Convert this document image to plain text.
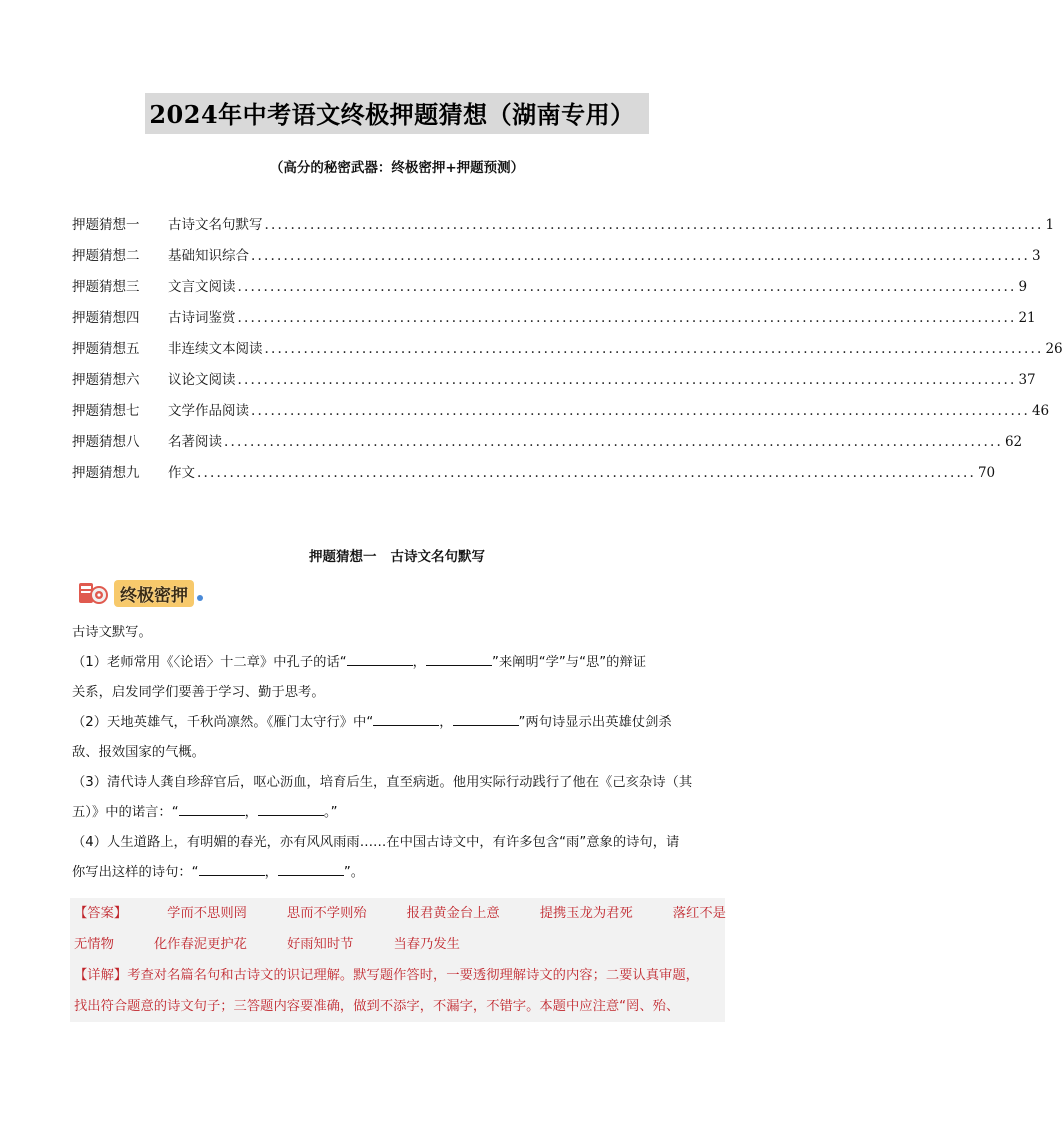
2024年中考语文终极押题猜想（湖南专用）
（高分的秘密武器：终极密押+押题预测）
押题猜想一	古诗文名句默写 ........................................................................................................................ 1
押题猜想二	基础知识综合 ........................................................................................................................ 3
押题猜想三	文言文阅读 ........................................................................................................................ 9
押题猜想四	古诗词鉴赏 ........................................................................................................................ 21
押题猜想五	非连续文本阅读 ........................................................................................................................ 26
押题猜想六	议论文阅读 ........................................................................................................................ 37
押题猜想七	文学作品阅读 ........................................................................................................................ 46
押题猜想八	名著阅读 ........................................................................................................................ 62
押题猜想九	作文 ........................................................................................................................ 70
押题猜想一 古诗文名句默写
终极密押
古诗文默写。
（1）老师常用《〈论语〉十二章》中孔子的话“	，	”来阐明“学”与“思”的辩证
关系，启发同学们要善于学习、勤于思考。
（2）天地英雄气，千秋尚凛然。《雁门太守行》中“	，	”两句诗显示出英雄仗剑杀
敌、报效国家的气概。
（3）清代诗人龚自珍辞官后，呕心沥血，培育后生，直至病逝。他用实际行动践行了他在《己亥杂诗（其
五）》中的诺言：“	，	。”
（4）人生道路上，有明媚的春光，亦有风风雨雨……在中国古诗文中，有许多包含“雨”意象的诗句，请
你写出这样的诗句：“	，	”。
【答案】	学而不思则罔	思而不学则殆	报君黄金台上意	提携玉龙为君死	落红不是
无情物	化作春泥更护花	好雨知时节	当春乃发生
【详解】 考查对名篇名句和古诗文的识记理解。默写题作答时，一要透彻理解诗文的内容；二要认真审题，
找出符合题意的诗文句子；三答题内容要准确，做到不添字，不漏字，不错字。本题中应注意“罔、殆、
